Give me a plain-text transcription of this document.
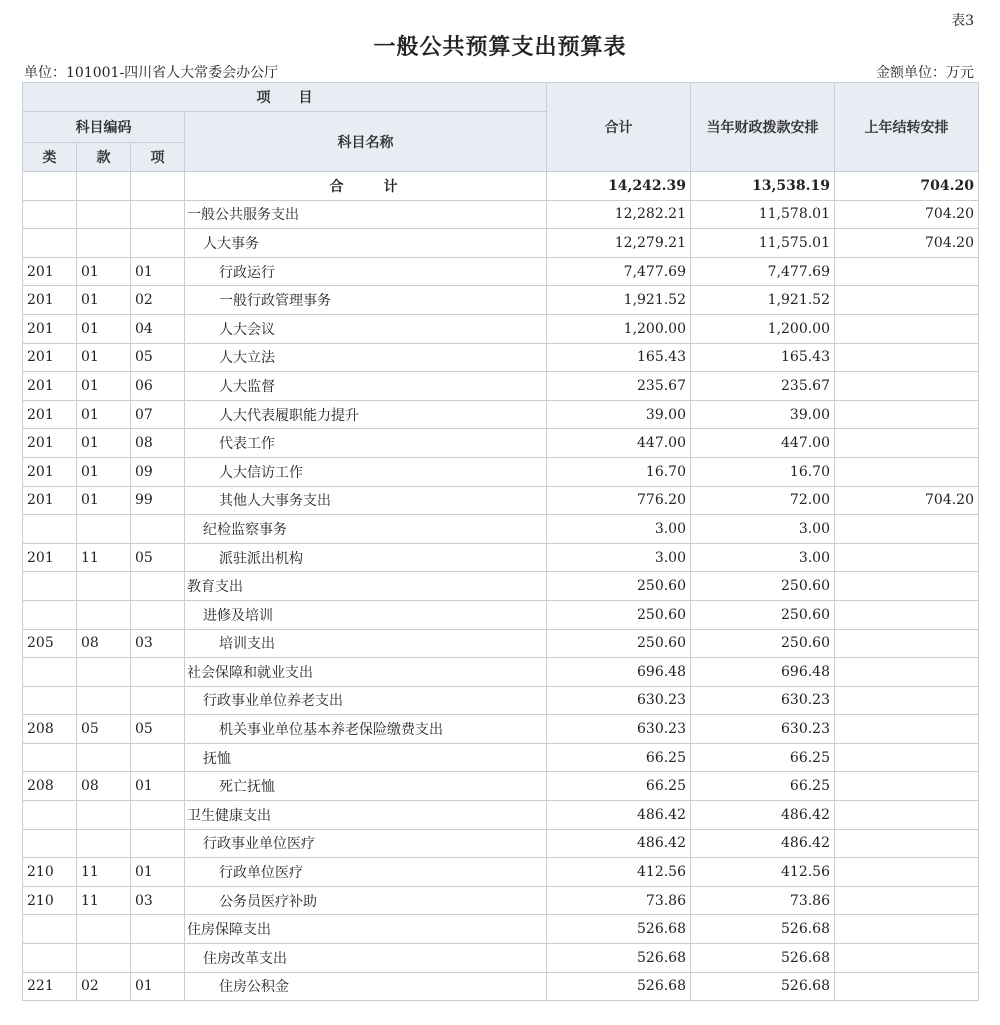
表3
一般公共预算支出预算表
单位：101001-四川省人大常委会办公厅	金额单位：万元
项　　目				合计	当年财政拨款安排	上年结转安排
科目编码			科目名称			
类	款	项				
			合计	14,242.39	13,538.19	704.20
			一般公共服务支出	12,282.21	11,578.01	704.20
			人大事务	12,279.21	11,575.01	704.20
201	01	01	行政运行	7,477.69	7,477.69	
201	01	02	一般行政管理事务	1,921.52	1,921.52	
201	01	04	人大会议	1,200.00	1,200.00	
201	01	05	人大立法	165.43	165.43	
201	01	06	人大监督	235.67	235.67	
201	01	07	人大代表履职能力提升	39.00	39.00	
201	01	08	代表工作	447.00	447.00	
201	01	09	人大信访工作	16.70	16.70	
201	01	99	其他人大事务支出	776.20	72.00	704.20
			纪检监察事务	3.00	3.00	
201	11	05	派驻派出机构	3.00	3.00	
			教育支出	250.60	250.60	
			进修及培训	250.60	250.60	
205	08	03	培训支出	250.60	250.60	
			社会保障和就业支出	696.48	696.48	
			行政事业单位养老支出	630.23	630.23	
208	05	05	机关事业单位基本养老保险缴费支出	630.23	630.23	
			抚恤	66.25	66.25	
208	08	01	死亡抚恤	66.25	66.25	
			卫生健康支出	486.42	486.42	
			行政事业单位医疗	486.42	486.42	
210	11	01	行政单位医疗	412.56	412.56	
210	11	03	公务员医疗补助	73.86	73.86	
			住房保障支出	526.68	526.68	
			住房改革支出	526.68	526.68	
221	02	01	住房公积金	526.68	526.68	
